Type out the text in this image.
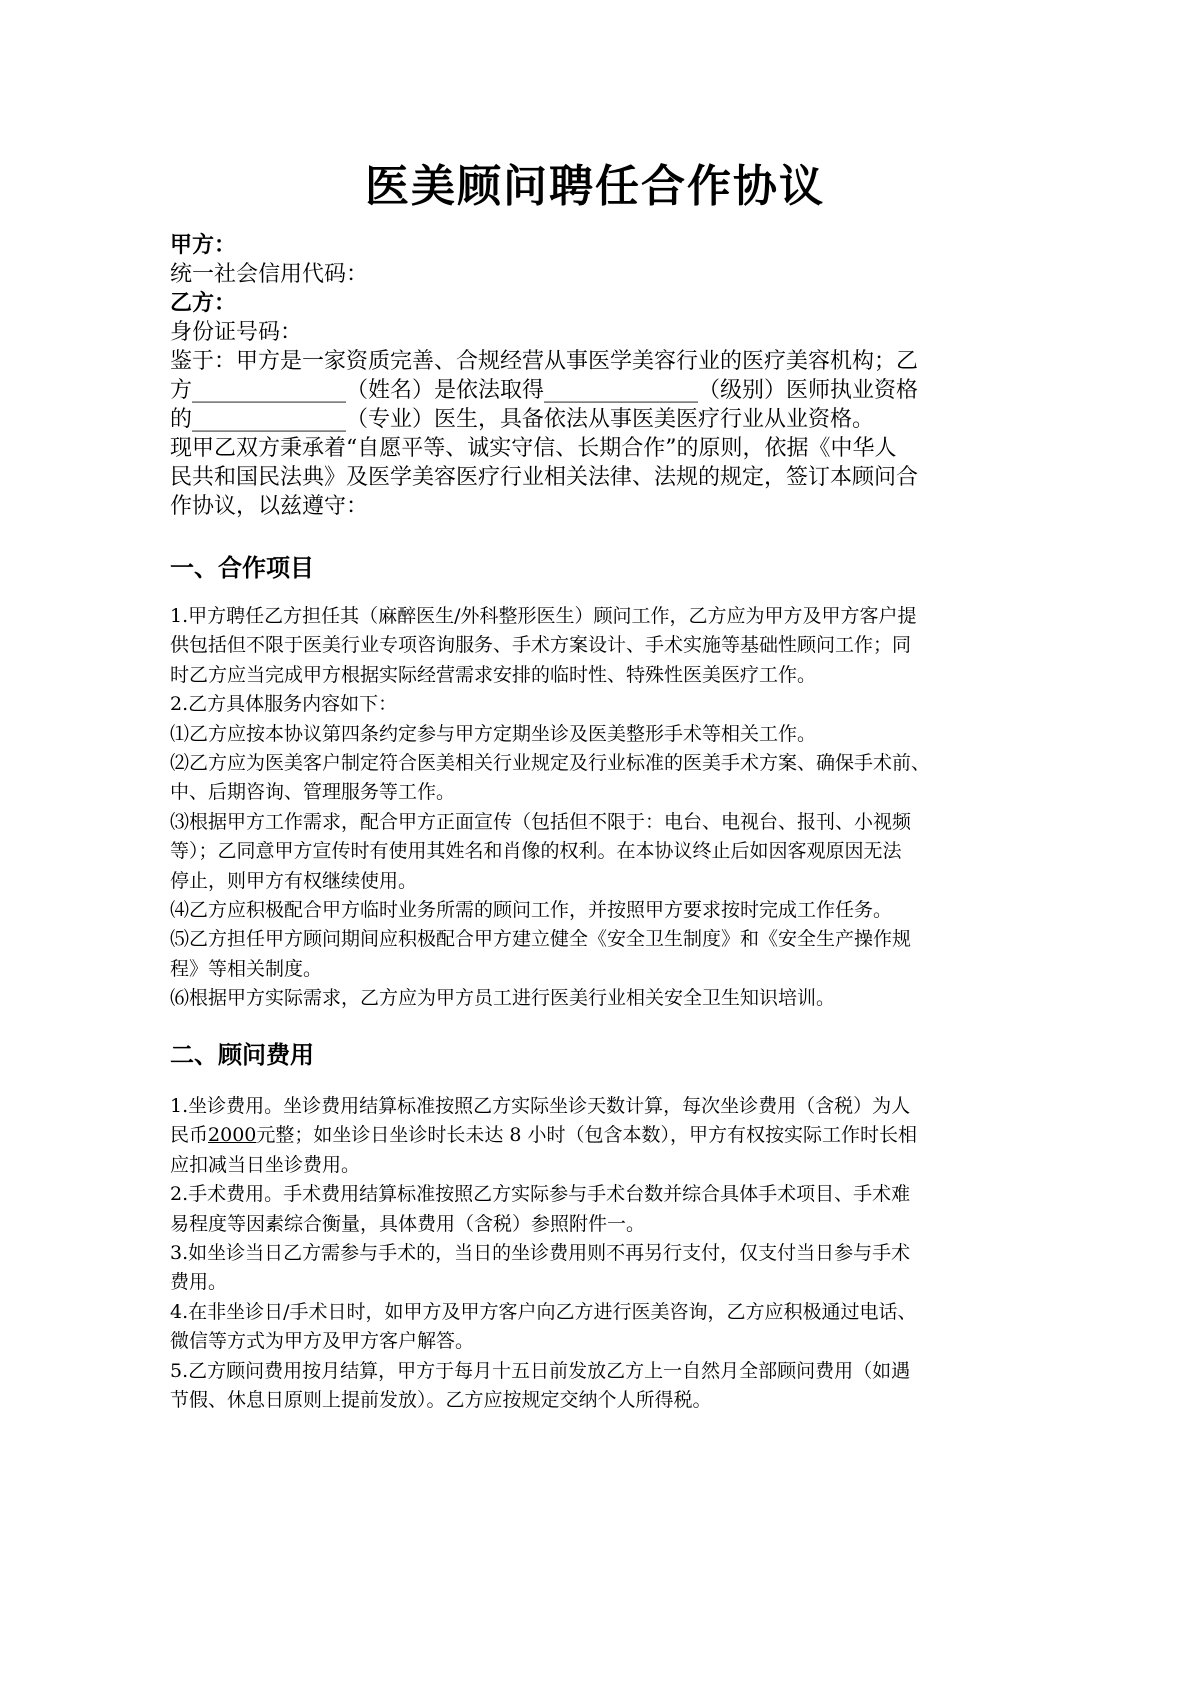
医美顾问聘任合作协议
甲方：
统一社会信用代码：
乙方：
身份证号码：
鉴于：甲方是一家资质完善、合规经营从事医学美容行业的医疗美容机构；乙
方______________（姓名）是依法取得______________（级别）医师执业资格
的______________（专业）医生，具备依法从事医美医疗行业从业资格。
现甲乙双方秉承着“自愿平等、诚实守信、长期合作”的原则，依据《中华人
民共和国民法典》及医学美容医疗行业相关法律、法规的规定，签订本顾问合
作协议，以兹遵守：
一、合作项目
1.甲方聘任乙方担任其（麻醉医生/外科整形医生）顾问工作，乙方应为甲方及甲方客户提
供包括但不限于医美行业专项咨询服务、手术方案设计、手术实施等基础性顾问工作；同
时乙方应当完成甲方根据实际经营需求安排的临时性、特殊性医美医疗工作。
2.乙方具体服务内容如下：
⑴乙方应按本协议第四条约定参与甲方定期坐诊及医美整形手术等相关工作。
⑵乙方应为医美客户制定符合医美相关行业规定及行业标准的医美手术方案、确保手术前、
中、后期咨询、管理服务等工作。
⑶根据甲方工作需求，配合甲方正面宣传（包括但不限于：电台、电视台、报刊、小视频
等）；乙同意甲方宣传时有使用其姓名和肖像的权利。在本协议终止后如因客观原因无法
停止，则甲方有权继续使用。
⑷乙方应积极配合甲方临时业务所需的顾问工作，并按照甲方要求按时完成工作任务。
⑸乙方担任甲方顾问期间应积极配合甲方建立健全《安全卫生制度》和《安全生产操作规
程》等相关制度。
⑹根据甲方实际需求，乙方应为甲方员工进行医美行业相关安全卫生知识培训。
二、顾问费用
1.坐诊费用。坐诊费用结算标准按照乙方实际坐诊天数计算，每次坐诊费用（含税）为人
民币2000元整；如坐诊日坐诊时长未达 8 小时（包含本数），甲方有权按实际工作时长相
应扣减当日坐诊费用。
2.手术费用。手术费用结算标准按照乙方实际参与手术台数并综合具体手术项目、手术难
易程度等因素综合衡量，具体费用（含税）参照附件一。
3.如坐诊当日乙方需参与手术的，当日的坐诊费用则不再另行支付，仅支付当日参与手术
费用。
4.在非坐诊日/手术日时，如甲方及甲方客户向乙方进行医美咨询，乙方应积极通过电话、
微信等方式为甲方及甲方客户解答。
5.乙方顾问费用按月结算，甲方于每月十五日前发放乙方上一自然月全部顾问费用（如遇
节假、休息日原则上提前发放）。乙方应按规定交纳个人所得税。
